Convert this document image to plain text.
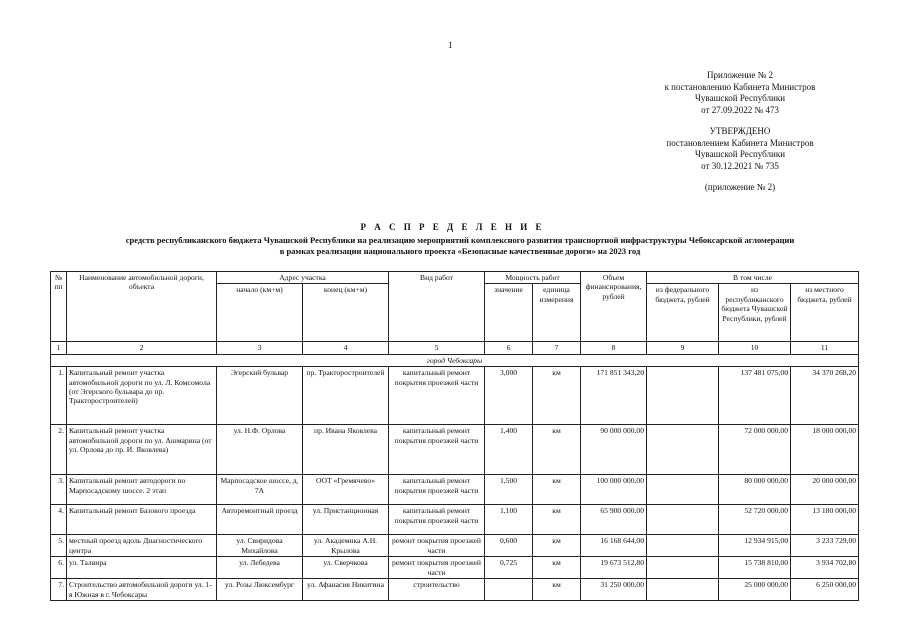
1
Приложение № 2
к постановлению Кабинета Министров
Чувашской Республики
от 27.09.2022 № 473
УТВЕРЖДЕНО
постановлением Кабинета Министров
Чувашской Республики
от 30.12.2021 № 735
(приложение № 2)
Р А С П Р Е Д Е Л Е Н И Е
средств республиканского бюджета Чувашской Республики на реализацию мероприятий комплексного развития транспортной инфраструктуры Чебоксарской агломерации
в рамках реализации национального проекта «Безопасные качественные дороги» на 2023 год
№ пп	Наименование автомобильной дороги, объекта	Адрес участка		Вид работ	Мощность работ		Объем финансирования, рублей	В том числе		
		начало (км+м)	конец (км+м)		значение	единица измерения		из федерального бюджета, рублей	из республиканского бюджета Чувашской Республики, рублей	из местного бюджета, рублей
1	2	3	4	5	6	7	8	9	10	11
город Чебоксары										
1.	Капитальный ремонт участка автомобильной дороги по ул. Л. Комсомола (от Эгерского бульвара до пр. Тракторостроителей)	Эгерский бульвар	пр. Тракторостроителей	капитальный ремонт покрытия проезжей части	3,000	км	171 851 343,20		137 481 075,00	34 370 268,20
2.	Капитальный ремонт участка автомобильной дороги по ул. Ашмарина (от ул. Орлова до пр. И. Яковлева)	ул. Н.Ф. Орлова	пр. Ивана Яковлева	капитальный ремонт покрытия проезжей части	1,400	км	90 000 000,00		72 000 000,00	18 000 000,00
3.	Капитальный ремонт автодороги по Марпосадскому шоссе. 2 этап	Марпосадское шоссе, д. 7А	ООТ «Гремячево»	капитальный ремонт покрытия проезжей части	1,500	км	100 000 000,00		80 000 000,00	20 000 000,00
4.	Капитальный ремонт Базового проезда	Авторемонтный проезд	ул. Пристанционная	капитальный ремонт покрытия проезжей части	1,100	км	65 900 000,00		52 720 000,00	13 180 000,00
5.	местный проезд вдоль Диагностического центра	ул. Свиридова Михайлова	ул. Академика А.Н. Крылова	ремонт покрытия проезжей части	0,600	км	16 168 644,00		12 934 915,00	3 233 729,00
6.	ул. Талвира	ул. Лебедева	ул. Сверчкова	ремонт покрытия проезжей части	0,725	км	19 673 512,80		15 738 810,00	3 934 702,80
7.	Строительство автомобильной дороги ул. 1-я Южная в г. Чебоксары	ул. Розы Люксембург	ул. Афанасия Никитина	строительство		км	31 250 000,00		25 000 000,00	6 250 000,00
